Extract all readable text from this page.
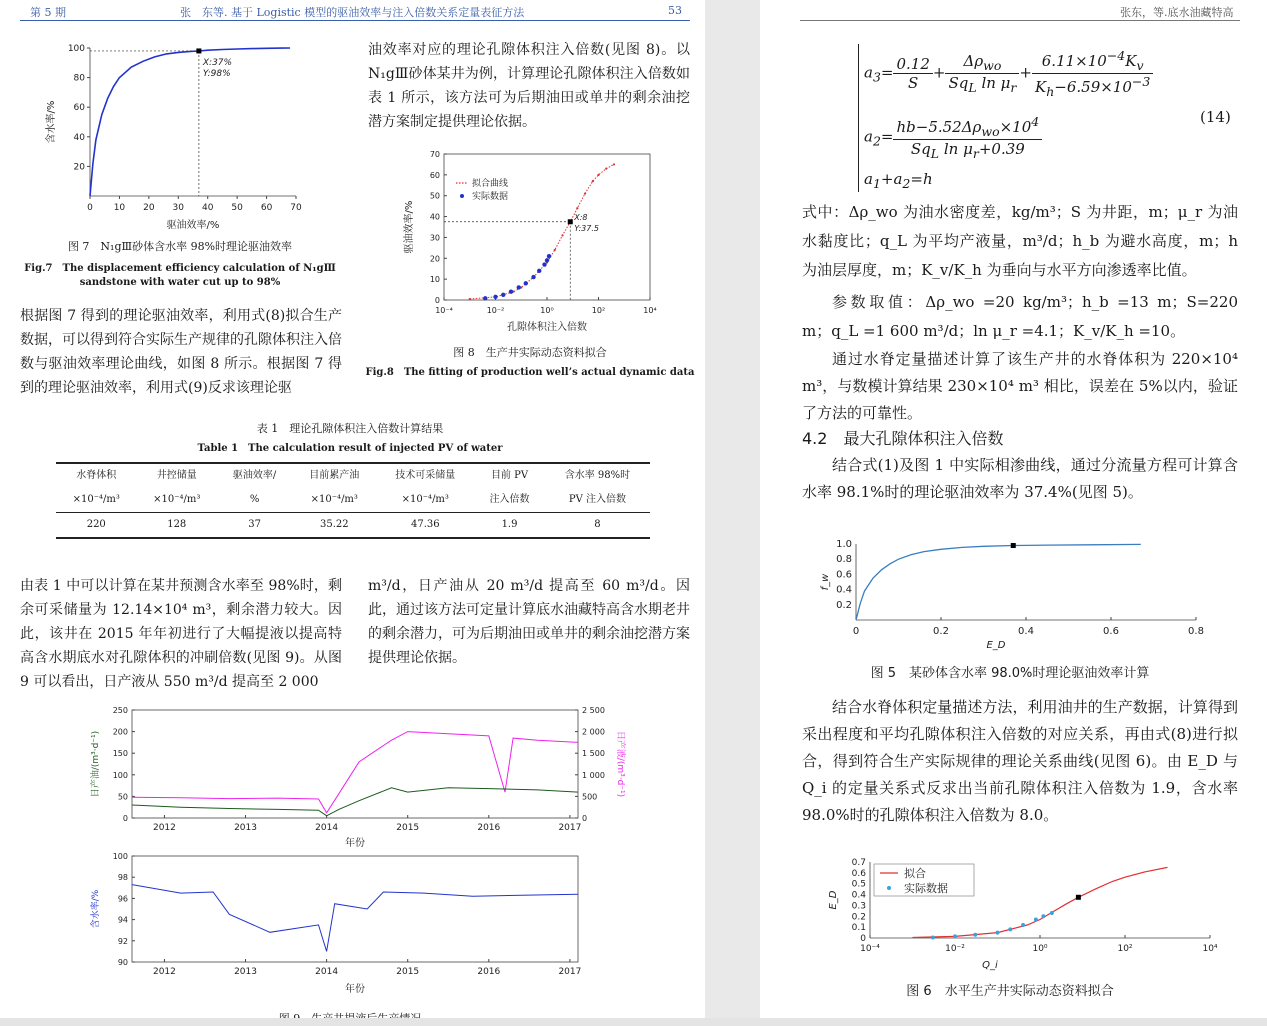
第 5 期	张　东等. 基于 Logistic 模型的驱油效率与注入倍数关系定量表征方法	53
0 10 20 30 40 50 60 70
20
40
60
80
100
X:37%
Y:98%
驱油效率/%
含水率/%
图 7　N₁gⅢ砂体含水率 98%时理论驱油效率
Fig.7　The displacement efficiency calculation of N₁gⅢ
sandstone with water cut up to 98%
油效率对应的理论孔隙体积注入倍数(见图 8)。以 N₁gⅢ砂体某井为例，计算理论孔隙体积注入倍数如表 1 所示，该方法可为后期油田或单井的剩余油挖潜方案制定提供理论依据。
10⁻⁴	10⁻²	10⁰	10²	10⁴
0
10
20
30
40
50
60
70
X:8
Y:37.5
拟合曲线
实际数据
孔隙体积注入倍数
驱油效率/%
图 8　生产井实际动态资料拟合
Fig.8　The fitting of production well’s actual dynamic data
根据图 7 得到的理论驱油效率，利用式(8)拟合生产数据，可以得到符合实际生产规律的孔隙体积注入倍数与驱油效率理论曲线，如图 8 所示。根据图 7 得到的理论驱油效率，利用式(9)反求该理论驱
表 1　理论孔隙体积注入倍数计算结果
Table 1　The calculation result of injected PV of water
水脊体积	井控储量	驱油效率/	目前累产油	技术可采储量	目前 PV	含水率 98%时
×10⁻⁴/m³	×10⁻⁴/m³	%	×10⁻⁴/m³	×10⁻⁴/m³	注入倍数	PV 注入倍数
220	128	37	35.22	47.36	1.9	8
由表 1 中可以计算在某井预测含水率至 98%时，剩余可采储量为 12.14×10⁴ m³，剩余潜力较大。因此，该井在 2015 年年初进行了大幅提液以提高特高含水期底水对孔隙体积的冲刷倍数(见图 9)。从图 9 可以看出，日产液从 550 m³/d 提高至 2 000
m³/d，日产油从 20 m³/d 提高至 60 m³/d。因此，通过该方法可定量计算底水油藏特高含水期老井的剩余潜力，可为后期油田或单井的剩余油挖潜方案提供理论依据。
2012
2012
2013
2013
2014
2014
2015
2015
2016
2016
2017
2017
0
50
100
150
200
250
0
500
1 000
1 500
2 000
2 500
90
92
94
96
98
100
年份
年份
日产油/(m³·d⁻¹)	日产液/(m³·d⁻¹)
含水率/%
张东，等.底水油藏特高
$a_3= \frac{0.12}{S} + \frac{\Delta\rho_{wo}}{Sq_L \ln \mu_r} + \frac{6.11\times 10^{-4}K_v}{K_h-6.59\times 10^{-3}}$
$a_2= \frac{hb-5.52\Delta\rho_{wo}\times 10^4}{Sq_L \ln \mu_r+0.39}$
$a_1+a_2=h$
(14)
式中：Δρ_wo 为油水密度差，kg/m³；S 为井距，m；μ_r 为油水黏度比；q_L 为平均产液量，m³/d；h_b 为避水高度，m；h 为油层厚度，m；K_v/K_h 为垂向与水平方向渗透率比值。
参数取值：Δρ_wo =20 kg/m³；h_b =13 m；S=220 m；q_L =1 600 m³/d；ln μ_r =4.1；K_v/K_h =10。
通过水脊定量描述计算了该生产井的水脊体积为 220×10⁴ m³，与数模计算结果 230×10⁴ m³ 相比，误差在 5%以内，验证了方法的可靠性。
4.2　最大孔隙体积注入倍数
结合式(1)及图 1 中实际相渗曲线，通过分流量方程可计算含水率 98.1%时的理论驱油效率为 37.4%(见图 5)。
0	0.2	0.4	0.6	0.8
0.2
0.4
0.6
0.8
1.0
E_D
f_w
图 5　某砂体含水率 98.0%时理论驱油效率计算
结合水脊体积定量描述方法，利用油井的生产数据，计算得到采出程度和平均孔隙体积注入倍数的对应关系，再由式(8)进行拟合，得到符合生产实际规律的理论关系曲线(见图 6)。由 E_D 与 Q_i 的定量关系式反求出当前孔隙体积注入倍数为 1.9，含水率 98.0%时的孔隙体积注入倍数为 8.0。
10⁻⁴	10⁻²	10⁰	10²	10⁴
0
0.1
0.2
0.3
0.4
0.5
0.6
0.7
拟合
实际数据
Q_i
E_D
图 6　水平生产井实际动态资料拟合
